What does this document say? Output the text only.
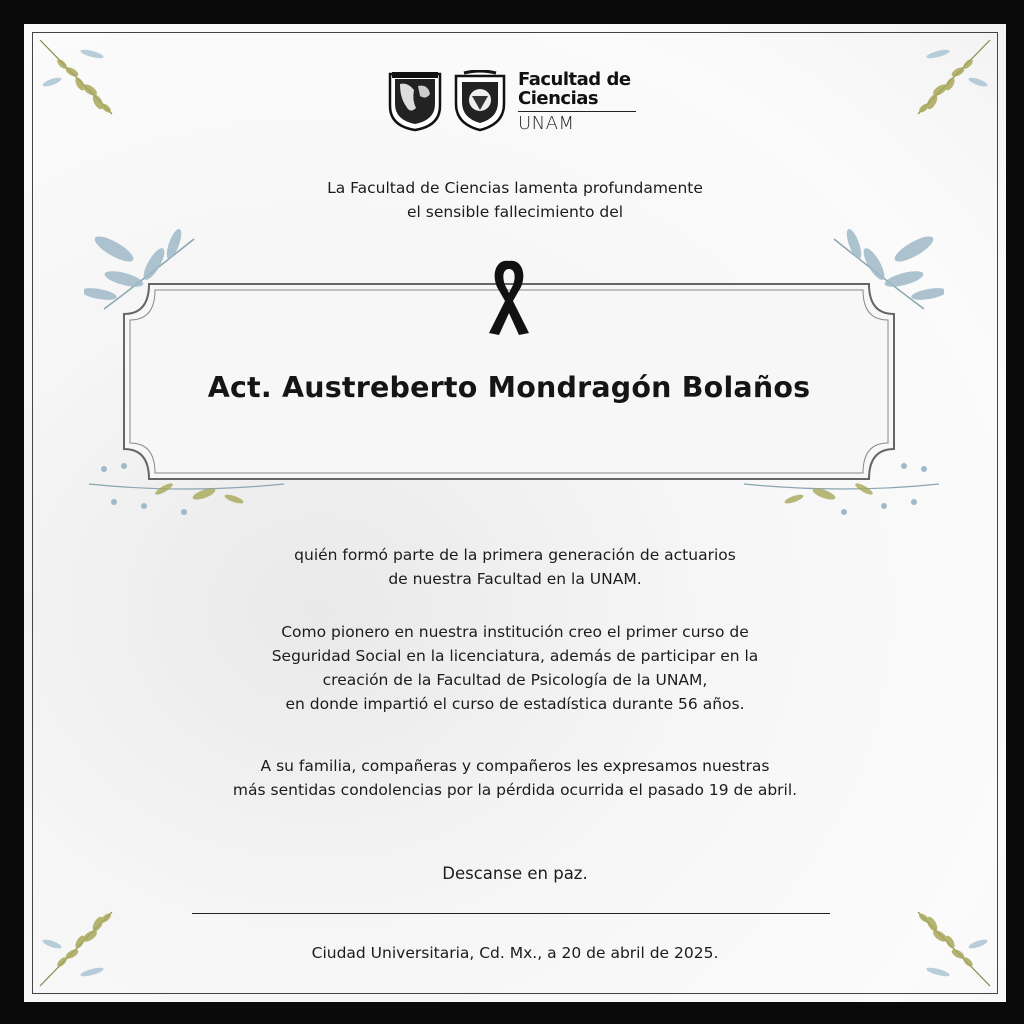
Facultad de
Ciencias
UNAM
La Facultad de Ciencias lamenta profundamente
el sensible fallecimiento del
Act. Austreberto Mondragón Bolaños
quién formó parte de la primera generación de actuarios
de nuestra Facultad en la UNAM.
Como pionero en nuestra institución creo el primer curso de
Seguridad Social en la licenciatura, además de participar en la
creación de la Facultad de Psicología de la UNAM,
en donde impartió el curso de estadística durante 56 años.
A su familia, compañeras y compañeros les expresamos nuestras
más sentidas condolencias por la pérdida ocurrida el pasado 19 de abril.
Descanse en paz.
Ciudad Universitaria, Cd. Mx., a 20 de abril de 2025.
